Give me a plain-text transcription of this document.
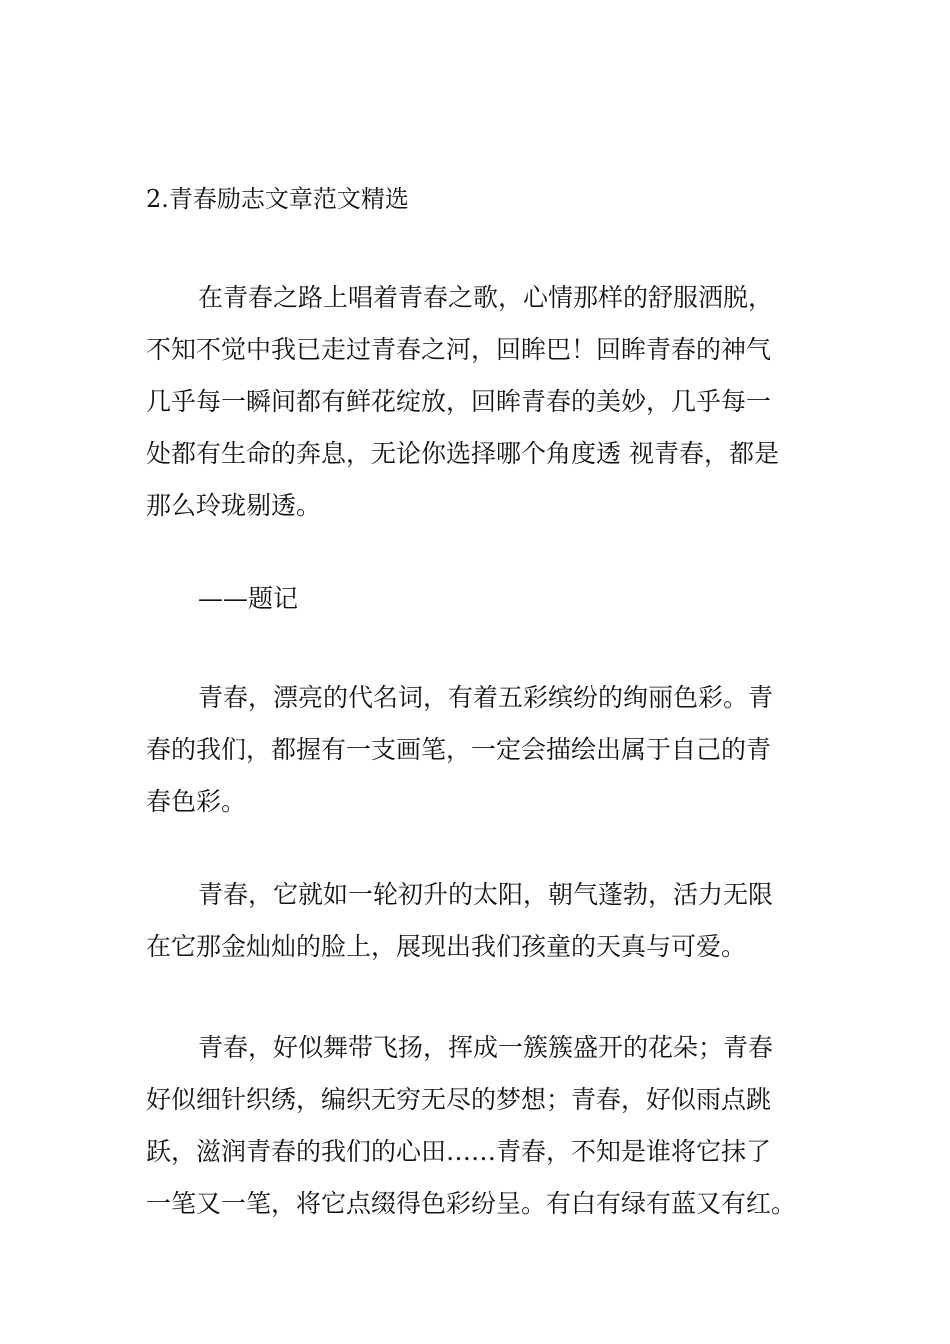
2.青春励志文章范文精选
在青春之路上唱着青春之歌，心情那样的舒服洒脱，
不知不觉中我已走过青春之河，回眸巴！回眸青春的神气
几乎每一瞬间都有鲜花绽放，回眸青春的美妙，几乎每一
处都有生命的奔息，无论你选择哪个角度透 视青春，都是
那么玲珑剔透。
——题记
青春，漂亮的代名词，有着五彩缤纷的绚丽色彩。青
春的我们，都握有一支画笔，一定会描绘出属于自己的青
春色彩。
青春，它就如一轮初升的太阳，朝气蓬勃，活力无限
在它那金灿灿的脸上，展现出我们孩童的天真与可爱。
青春，好似舞带飞扬，挥成一簇簇盛开的花朵；青春
好似细针织绣，编织无穷无尽的梦想；青春，好似雨点跳
跃，滋润青春的我们的心田……青春，不知是谁将它抹了
一笔又一笔，将它点缀得色彩纷呈。有白有绿有蓝又有红。
